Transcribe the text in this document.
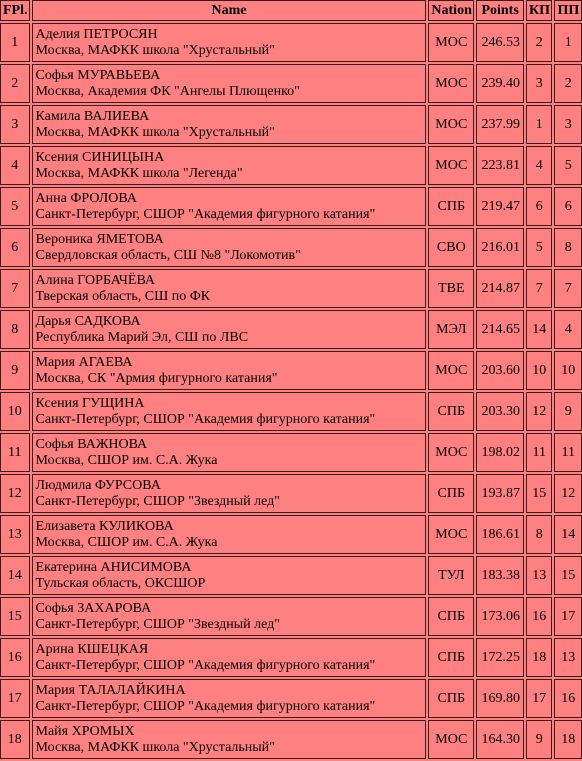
FPl.	Name	Nation	Points	КП	ПП
1	Аделия ПЕТРОСЯН
Москва, МАФКК школа "Хрустальный"	МОС	246.53	2	1
2	Софья МУРАВЬЕВА
Москва, Академия ФК "Ангелы Плющенко"	МОС	239.40	3	2
3	Камила ВАЛИЕВА
Москва, МАФКК школа "Хрустальный"	МОС	237.99	1	3
4	Ксения СИНИЦЫНА
Москва, МАФКК школа "Легенда"	МОС	223.81	4	5
5	Анна ФРОЛОВА
Санкт-Петербург, СШОР "Академия фигурного катания"	СПБ	219.47	6	6
6	Вероника ЯМЕТОВА
Свердловская область, СШ №8 "Локомотив"	СВО	216.01	5	8
7	Алина ГОРБАЧЁВА
Тверская область, СШ по ФК	ТВЕ	214.87	7	7
8	Дарья САДКОВА
Республика Марий Эл, СШ по ЛВС	МЭЛ	214.65	14	4
9	Мария АГАЕВА
Москва, СК "Армия фигурного катания"	МОС	203.60	10	10
10	Ксения ГУЩИНА
Санкт-Петербург, СШОР "Академия фигурного катания"	СПБ	203.30	12	9
11	Софья ВАЖНОВА
Москва, СШОР им. С.А. Жука	МОС	198.02	11	11
12	Людмила ФУРСОВА
Санкт-Петербург, СШОР "Звездный лед"	СПБ	193.87	15	12
13	Елизавета КУЛИКОВА
Москва, СШОР им. С.А. Жука	МОС	186.61	8	14
14	Екатерина АНИСИМОВА
Тульская область, ОКСШОР	ТУЛ	183.38	13	15
15	Софья ЗАХАРОВА
Санкт-Петербург, СШОР "Звездный лед"	СПБ	173.06	16	17
16	Арина КШЕЦКАЯ
Санкт-Петербург, СШОР "Академия фигурного катания"	СПБ	172.25	18	13
17	Мария ТАЛАЛАЙКИНА
Санкт-Петербург, СШОР "Академия фигурного катания"	СПБ	169.80	17	16
18	Майя ХРОМЫХ
Москва, МАФКК школа "Хрустальный"	МОС	164.30	9	18
